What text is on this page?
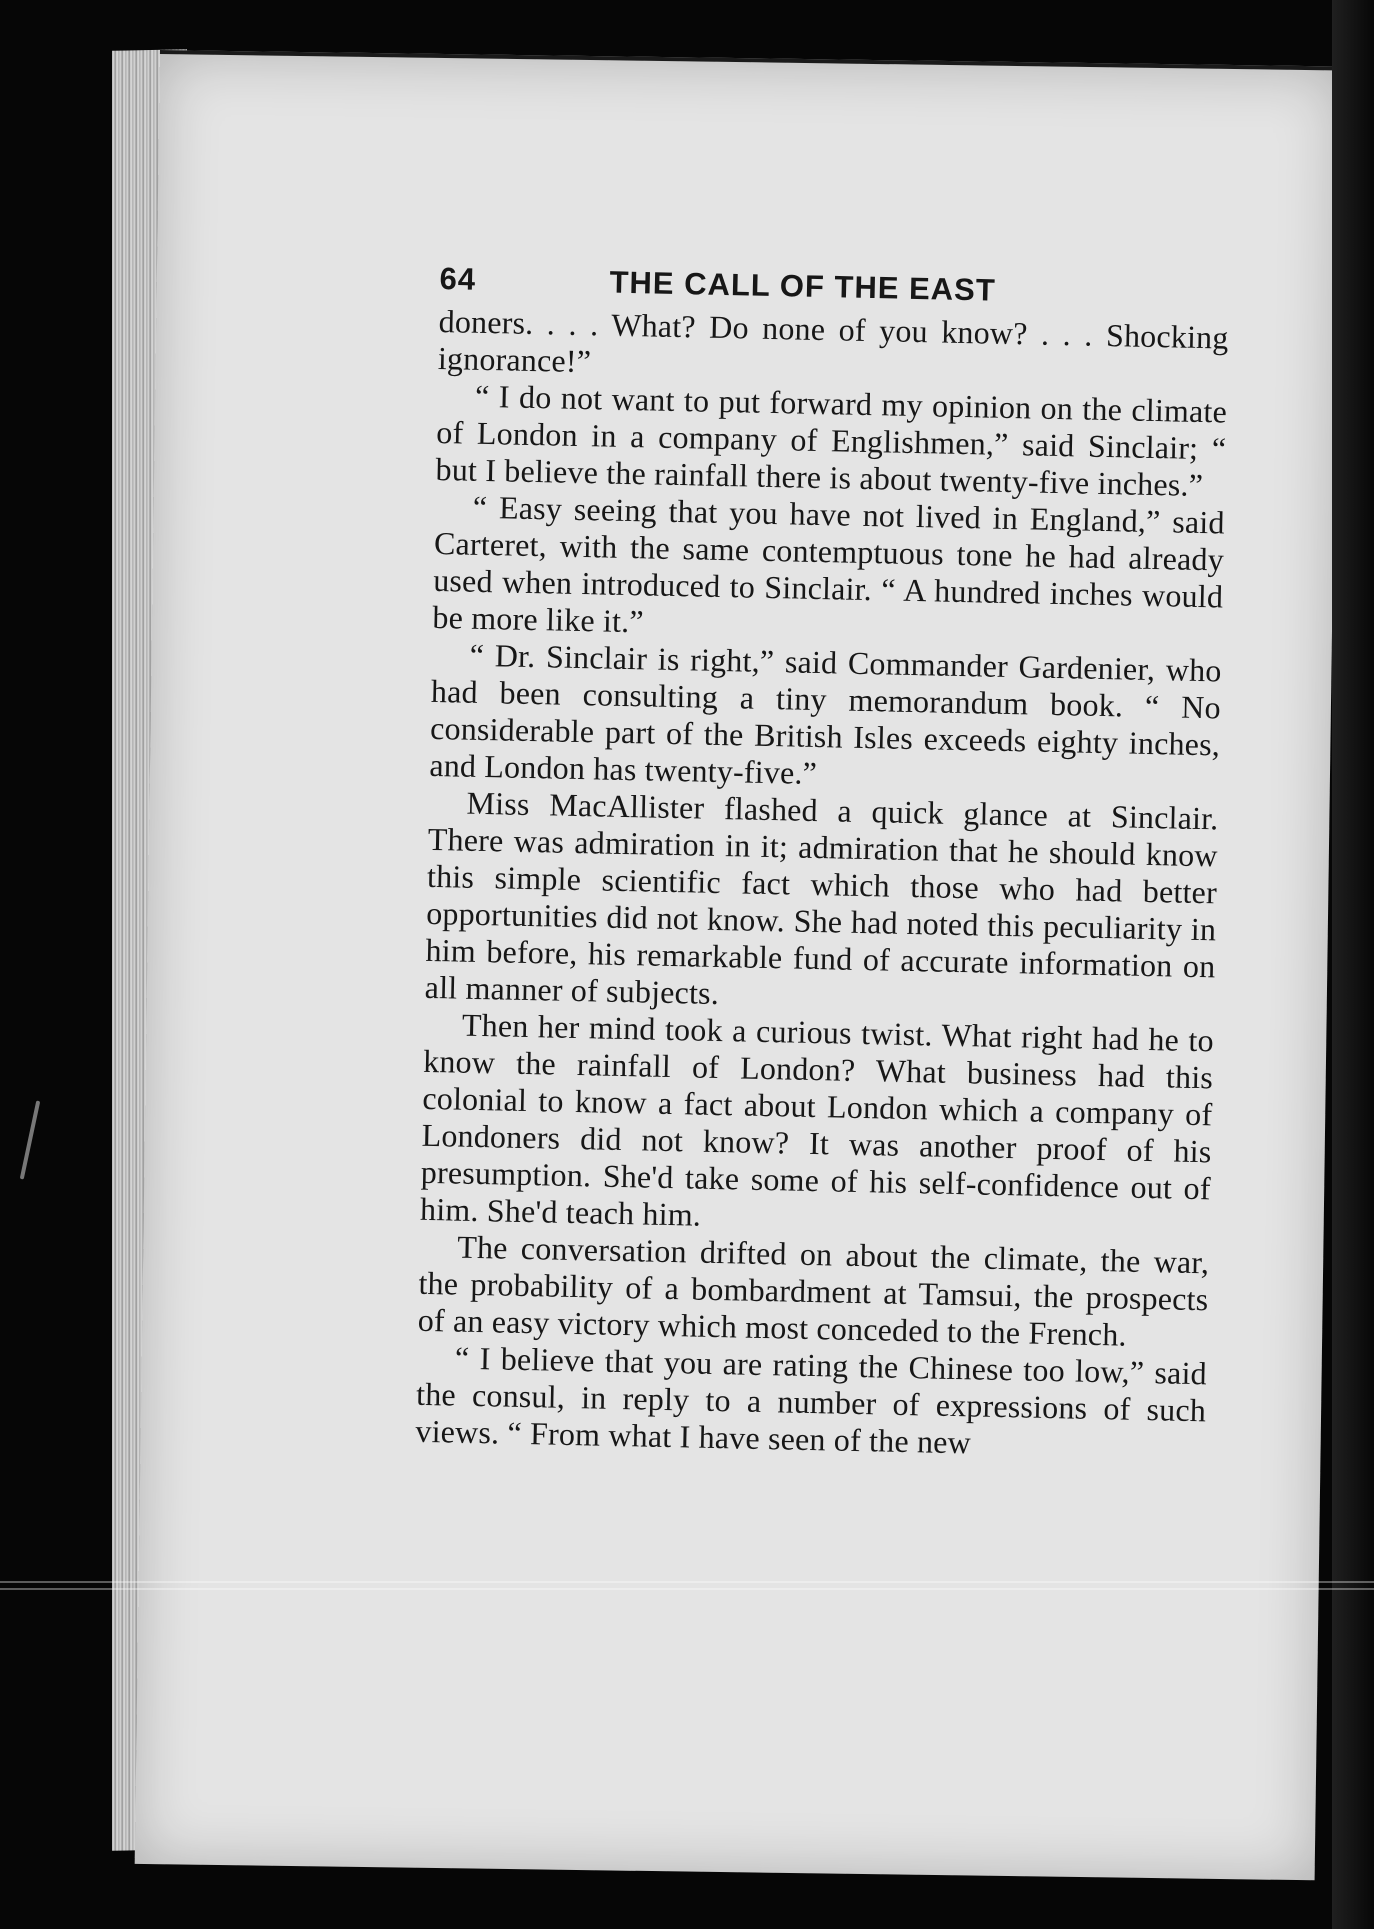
64	THE CALL OF THE EAST

doners. . . . What? Do none of you know? . . . Shocking ignorance!”

“ I do not want to put forward my opinion on the climate of London in a company of Englishmen,” said Sinclair; “ but I believe the rainfall there is about twenty-five inches.”

“ Easy seeing that you have not lived in England,” said Carteret, with the same contemptuous tone he had already used when introduced to Sinclair. “ A hundred inches would be more like it.”

“ Dr. Sinclair is right,” said Commander Gardenier, who had been consulting a tiny memorandum book. “ No considerable part of the British Isles exceeds eighty inches, and London has twenty-five.”

Miss MacAllister flashed a quick glance at Sinclair. There was admiration in it; admiration that he should know this simple scientific fact which those who had better opportunities did not know. She had noted this peculiarity in him before, his remarkable fund of accurate information on all manner of subjects.

Then her mind took a curious twist. What right had he to know the rainfall of London? What business had this colonial to know a fact about London which a company of Londoners did not know? It was another proof of his presumption. She'd take some of his self-confidence out of him. She'd teach him.

The conversation drifted on about the climate, the war, the probability of a bombardment at Tamsui, the prospects of an easy victory which most conceded to the French.

“ I believe that you are rating the Chinese too low,” said the consul, in reply to a number of expressions of such views. “ From what I have seen of the new
